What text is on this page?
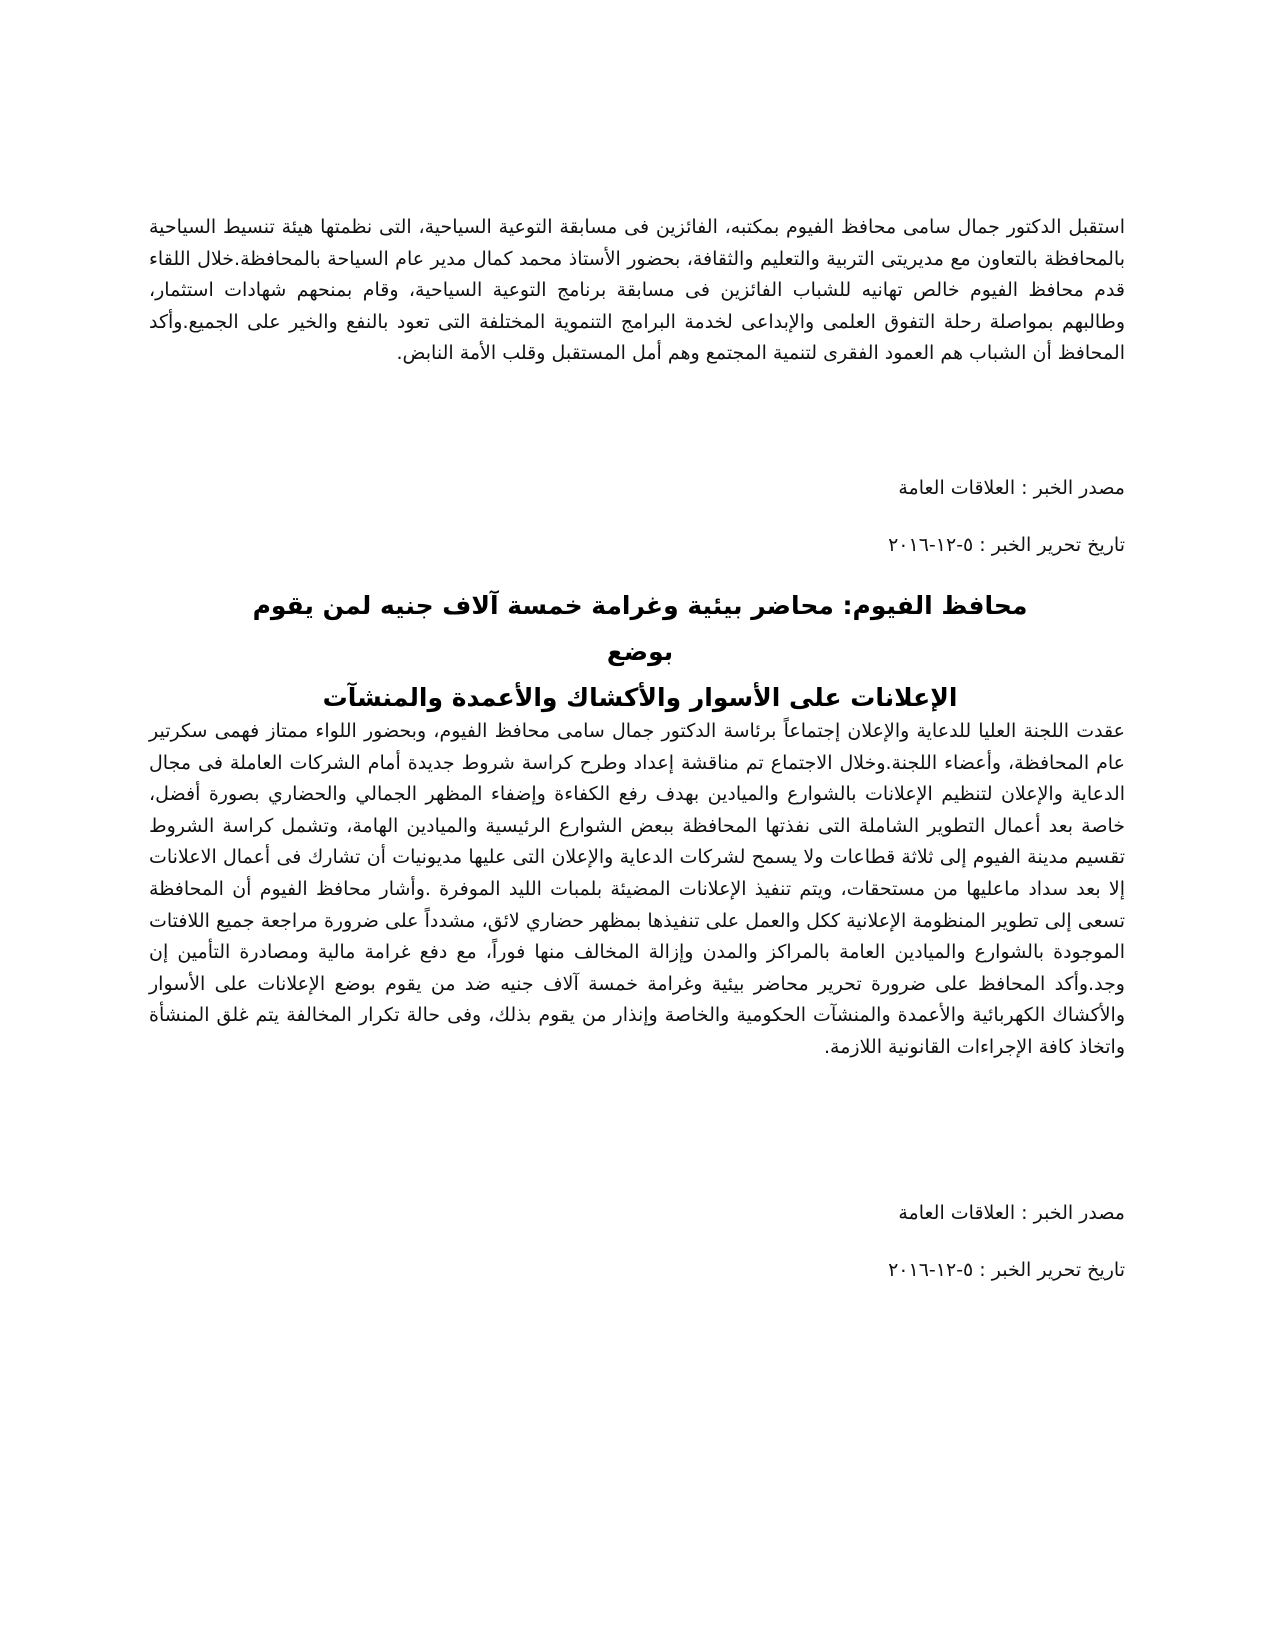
استقبل الدكتور جمال سامى محافظ الفيوم بمكتبه، الفائزين فى مسابقة التوعية السياحية، التى نظمتها هيئة تنسيط السياحية بالمحافظة بالتعاون مع مديريتى التربية والتعليم والثقافة، بحضور الأستاذ محمد كمال مدير عام السياحة بالمحافظة.خلال اللقاء قدم محافظ الفيوم خالص تهانيه للشباب الفائزين فى مسابقة برنامج التوعية السياحية، وقام بمنحهم شهادات استثمار، وطالبهم بمواصلة رحلة التفوق العلمى والإبداعى لخدمة البرامج التنموية المختلفة التى تعود بالنفع والخير على الجميع.وأكد المحافظ أن الشباب هم العمود الفقرى لتنمية المجتمع وهم أمل المستقبل وقلب الأمة النابض.

مصدر الخبر : العلاقات العامة

تاريخ تحرير الخبر : ٥-١٢-٢٠١٦

محافظ الفيوم: محاضر بيئية وغرامة خمسة آلاف جنيه لمن يقوم بوضع
الإعلانات على الأسوار والأكشاك والأعمدة والمنشآت

عقدت اللجنة العليا للدعاية والإعلان إجتماعاً برئاسة الدكتور جمال سامى محافظ الفيوم، وبحضور اللواء ممتاز فهمى سكرتير عام المحافظة، وأعضاء اللجنة.وخلال الاجتماع تم مناقشة إعداد وطرح كراسة شروط جديدة أمام الشركات العاملة فى مجال الدعاية والإعلان لتنظيم الإعلانات بالشوارع والميادين بهدف رفع الكفاءة وإضفاء المظهر الجمالي والحضاري بصورة أفضل، خاصة بعد أعمال التطوير الشاملة التى نفذتها المحافظة ببعض الشوارع الرئيسية والميادين الهامة، وتشمل كراسة الشروط تقسيم مدينة الفيوم إلى ثلاثة قطاعات ولا يسمح لشركات الدعاية والإعلان التى عليها مديونيات أن تشارك فى أعمال الاعلانات إلا بعد سداد ماعليها من مستحقات، ويتم تنفيذ الإعلانات المضيئة بلمبات الليد الموفرة .وأشار محافظ الفيوم أن المحافظة تسعى إلى تطوير المنظومة الإعلانية ككل والعمل على تنفيذها بمظهر حضاري لائق، مشدداً على ضرورة مراجعة جميع اللافتات الموجودة بالشوارع والميادين العامة بالمراكز والمدن وإزالة المخالف منها فوراً، مع دفع غرامة مالية ومصادرة التأمين إن وجد.وأكد المحافظ على ضرورة تحرير محاضر بيئية وغرامة خمسة آلاف جنيه ضد من يقوم بوضع الإعلانات على الأسوار والأكشاك الكهربائية والأعمدة والمنشآت الحكومية والخاصة وإنذار من يقوم بذلك، وفى حالة تكرار المخالفة يتم غلق المنشأة واتخاذ كافة الإجراءات القانونية اللازمة.

مصدر الخبر : العلاقات العامة

تاريخ تحرير الخبر : ٥-١٢-٢٠١٦
